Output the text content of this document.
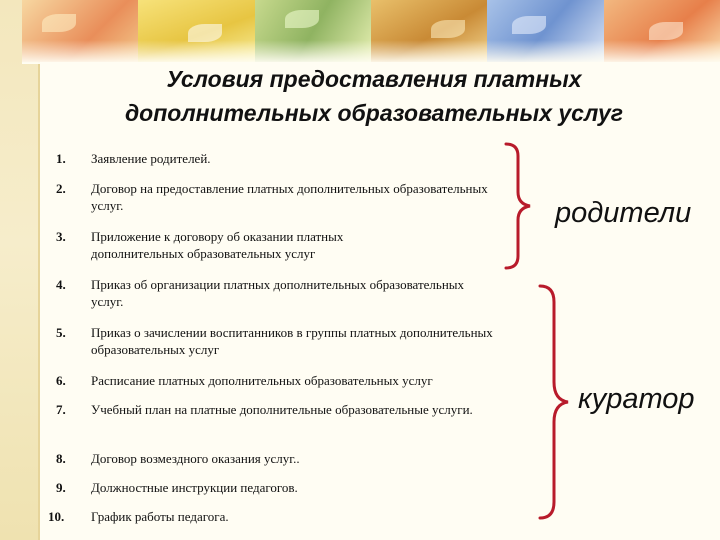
Условия предоставления платных
дополнительных образовательных услуг
1. Заявление родителей.
2. Договор на предоставление платных дополнительных образовательных услуг.
3. Приложение к договору об оказании платных дополнительных образовательных услуг
4. Приказ об организации платных дополнительных образовательных услуг.
5. Приказ о зачислении воспитанников в группы платных дополнительных образовательных услуг
6. Расписание платных дополнительных образовательных услуг
7. Учебный план на платные дополнительные образовательные услуги.
8. Договор возмездного оказания услуг..
9. Должностные инструкции педагогов.
10. График работы педагога.

родители

куратор
